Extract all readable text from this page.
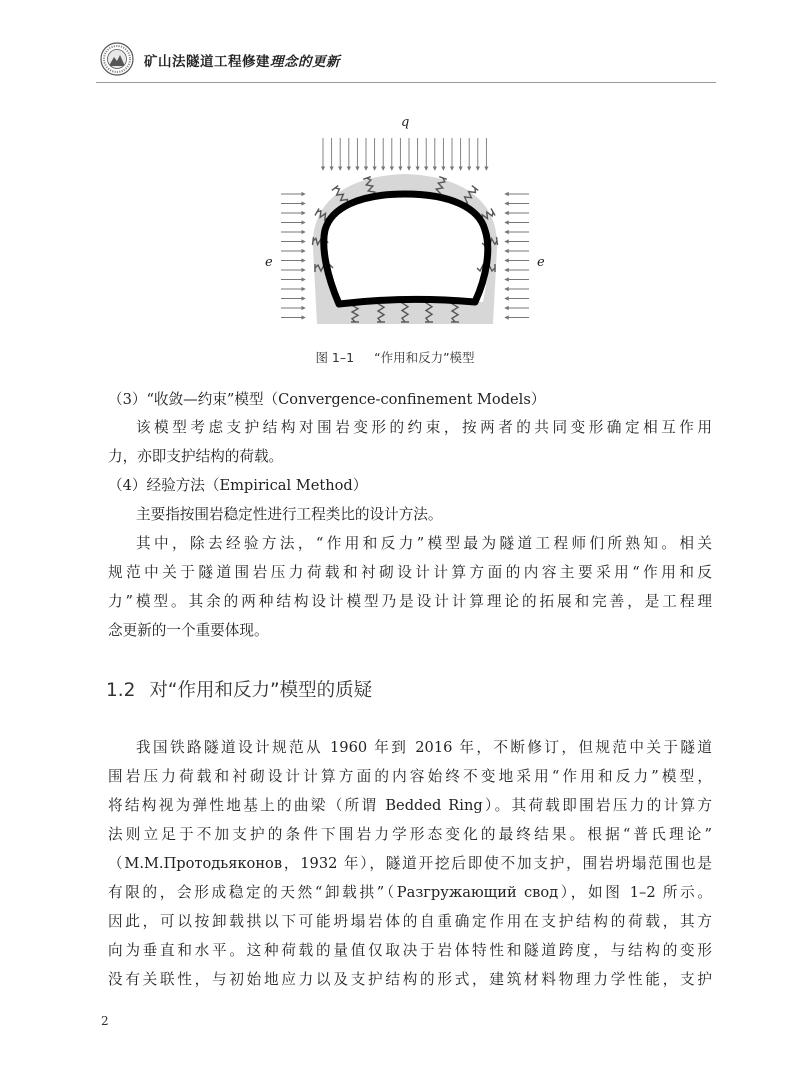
矿山法隧道工程修建理念的更新
q
e	e
图 1–1 “作用和反力”模型
（3）“收敛—约束”模型（Convergence-confinement Models）
该模型考虑支护结构对围岩变形的约束，按两者的共同变形确定相互作用
力，亦即支护结构的荷载。
（4）经验方法（Empirical Method）
主要指按围岩稳定性进行工程类比的设计方法。
其中，除去经验方法，“作用和反力”模型最为隧道工程师们所熟知。相关
规范中关于隧道围岩压力荷载和衬砌设计计算方面的内容主要采用“作用和反
力”模型。其余的两种结构设计模型乃是设计计算理论的拓展和完善，是工程理
念更新的一个重要体现。
1.2 对“作用和反力”模型的质疑
我国铁路隧道设计规范从 1960 年到 2016 年，不断修订，但规范中关于隧道
围岩压力荷载和衬砌设计计算方面的内容始终不变地采用“作用和反力”模型，
将结构视为弹性地基上的曲梁（所谓 Bedded Ring）。其荷载即围岩压力的计算方
法则立足于不加支护的条件下围岩力学形态变化的最终结果。根据“普氏理论”
（М.М.Протодьяконов，1932 年），隧道开挖后即使不加支护，围岩坍塌范围也是
有限的，会形成稳定的天然“卸载拱”（Разгружающий свод），如图 1–2 所示。
因此，可以按卸载拱以下可能坍塌岩体的自重确定作用在支护结构的荷载，其方
向为垂直和水平。这种荷载的量值仅取决于岩体特性和隧道跨度，与结构的变形
没有关联性，与初始地应力以及支护结构的形式，建筑材料物理力学性能，支护
2
